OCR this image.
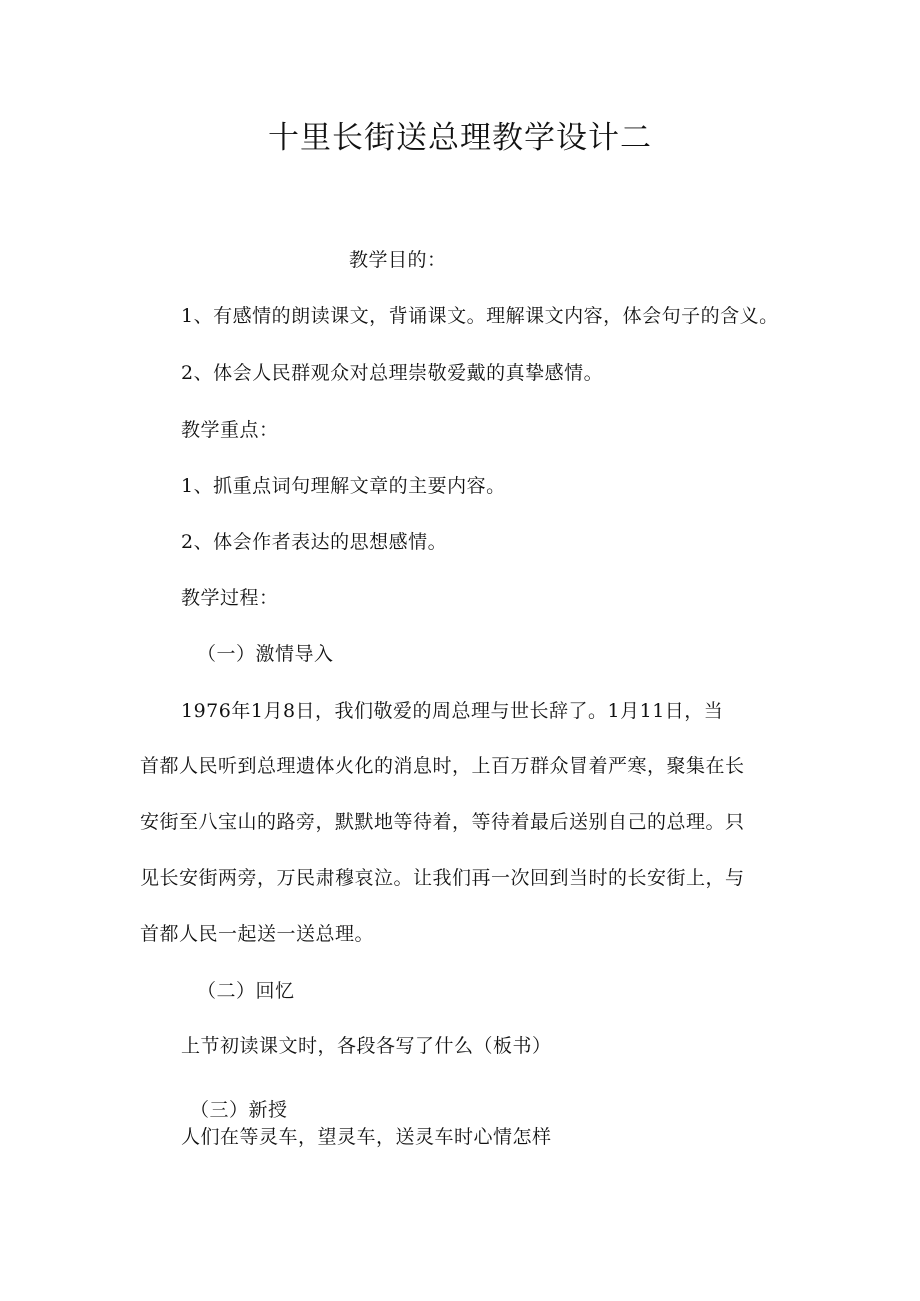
十里长街送总理教学设计二
教学目的：
1、有感情的朗读课文，背诵课文。理解课文内容，体会句子的含义。
2、体会人民群观众对总理崇敬爱戴的真挚感情。
教学重点：
1、抓重点词句理解文章的主要内容。
2、体会作者表达的思想感情。
教学过程：
（一）激情导入
1976年1月8日，我们敬爱的周总理与世长辞了。1月11日，当
首都人民听到总理遗体火化的消息时，上百万群众冒着严寒，聚集在长
安街至八宝山的路旁，默默地等待着，等待着最后送别自己的总理。只
见长安街两旁，万民肃穆哀泣。让我们再一次回到当时的长安街上，与
首都人民一起送一送总理。
（二）回忆
上节初读课文时，各段各写了什么（板书）
（三）新授
人们在等灵车，望灵车，送灵车时心情怎样
